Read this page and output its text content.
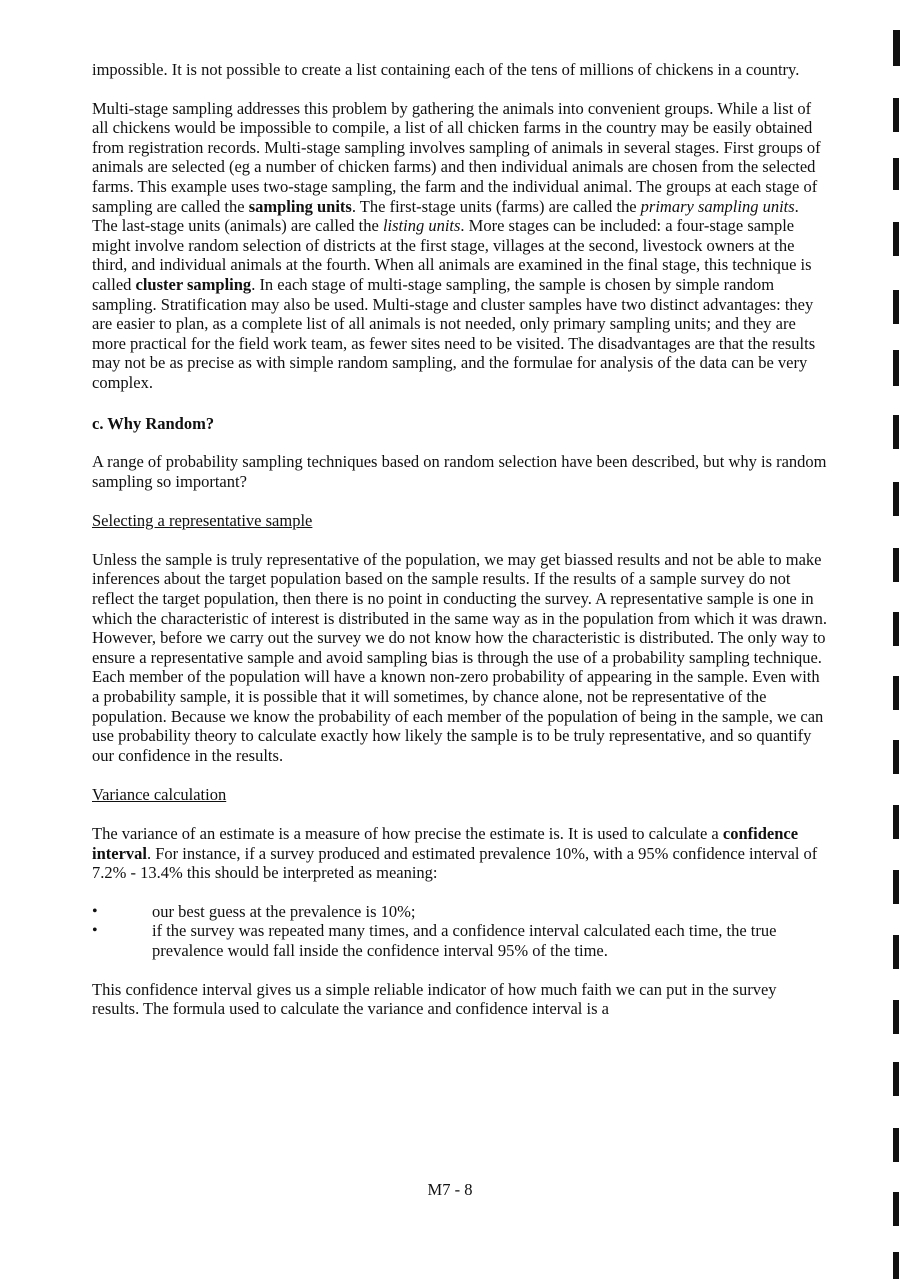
impossible. It is not possible to create a list containing each of the tens of millions of chickens in a country.

Multi-stage sampling addresses this problem by gathering the animals into convenient groups. While a list of all chickens would be impossible to compile, a list of all chicken farms in the country may be easily obtained from registration records. Multi-stage sampling involves sampling of animals in several stages. First groups of animals are selected (eg a number of chicken farms) and then individual animals are chosen from the selected farms. This example uses two-stage sampling, the farm and the individual animal. The groups at each stage of sampling are called the sampling units. The first-stage units (farms) are called the primary sampling units. The last-stage units (animals) are called the listing units. More stages can be included: a four-stage sample might involve random selection of districts at the first stage, villages at the second, livestock owners at the third, and individual animals at the fourth. When all animals are examined in the final stage, this technique is called cluster sampling. In each stage of multi-stage sampling, the sample is chosen by simple random sampling. Stratification may also be used. Multi-stage and cluster samples have two distinct advantages: they are easier to plan, as a complete list of all animals is not needed, only primary sampling units; and they are more practical for the field work team, as fewer sites need to be visited. The disadvantages are that the results may not be as precise as with simple random sampling, and the formulae for analysis of the data can be very complex.

c. Why Random?

A range of probability sampling techniques based on random selection have been described, but why is random sampling so important?

Selecting a representative sample

Unless the sample is truly representative of the population, we may get biassed results and not be able to make inferences about the target population based on the sample results. If the results of a sample survey do not reflect the target population, then there is no point in conducting the survey. A representative sample is one in which the characteristic of interest is distributed in the same way as in the population from which it was drawn. However, before we carry out the survey we do not know how the characteristic is distributed. The only way to ensure a representative sample and avoid sampling bias is through the use of a probability sampling technique. Each member of the population will have a known non-zero probability of appearing in the sample. Even with a probability sample, it is possible that it will sometimes, by chance alone, not be representative of the population. Because we know the probability of each member of the population of being in the sample, we can use probability theory to calculate exactly how likely the sample is to be truly representative, and so quantify our confidence in the results.

Variance calculation

The variance of an estimate is a measure of how precise the estimate is. It is used to calculate a confidence interval. For instance, if a survey produced and estimated prevalence 10%, with a 95% confidence interval of 7.2% - 13.4% this should be interpreted as meaning:

• our best guess at the prevalence is 10%;
• if the survey was repeated many times, and a confidence interval calculated each time, the true prevalence would fall inside the confidence interval 95% of the time.

This confidence interval gives us a simple reliable indicator of how much faith we can put in the survey results. The formula used to calculate the variance and confidence interval is a

M7 - 8
